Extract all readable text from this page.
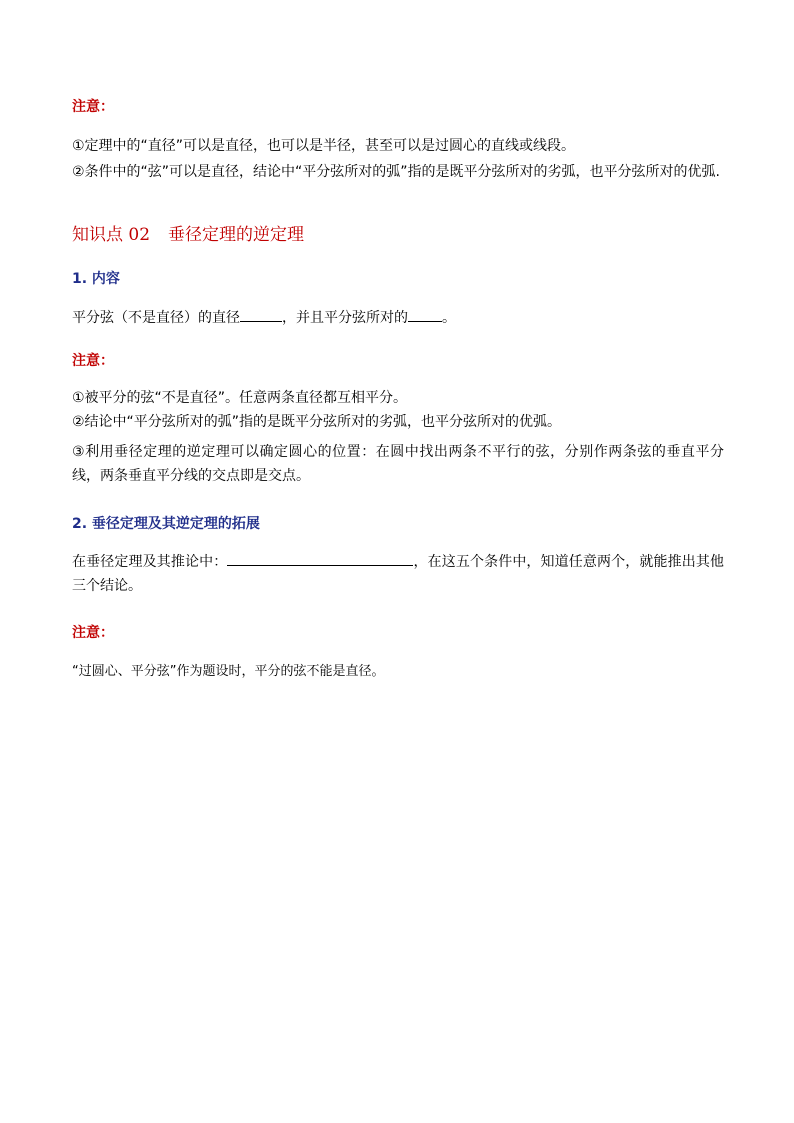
注意：
①定理中的“直径”可以是直径，也可以是半径，甚至可以是过圆心的直线或线段。
②条件中的“弦”可以是直径，结论中“平分弦所对的弧”指的是既平分弦所对的劣弧，也平分弦所对的优弧.
知识点 02 垂径定理的逆定理
1. 内容
平分弦（不是直径）的直径	，并且平分弦所对的 。
注意：
①被平分的弦“不是直径”。任意两条直径都互相平分。
②结论中“平分弦所对的弧”指的是既平分弦所对的劣弧，也平分弦所对的优弧。
③利用垂径定理的逆定理可以确定圆心的位置：在圆中找出两条不平行的弦，分别作两条弦的垂直平分线，两条垂直平分线的交点即是交点。
2. 垂径定理及其逆定理的拓展
在垂径定理及其推论中：	，在这五个条件中，知道任意两个，就能推出其他三个结论。
注意：
“过圆心、平分弦”作为题设时，平分的弦不能是直径。
